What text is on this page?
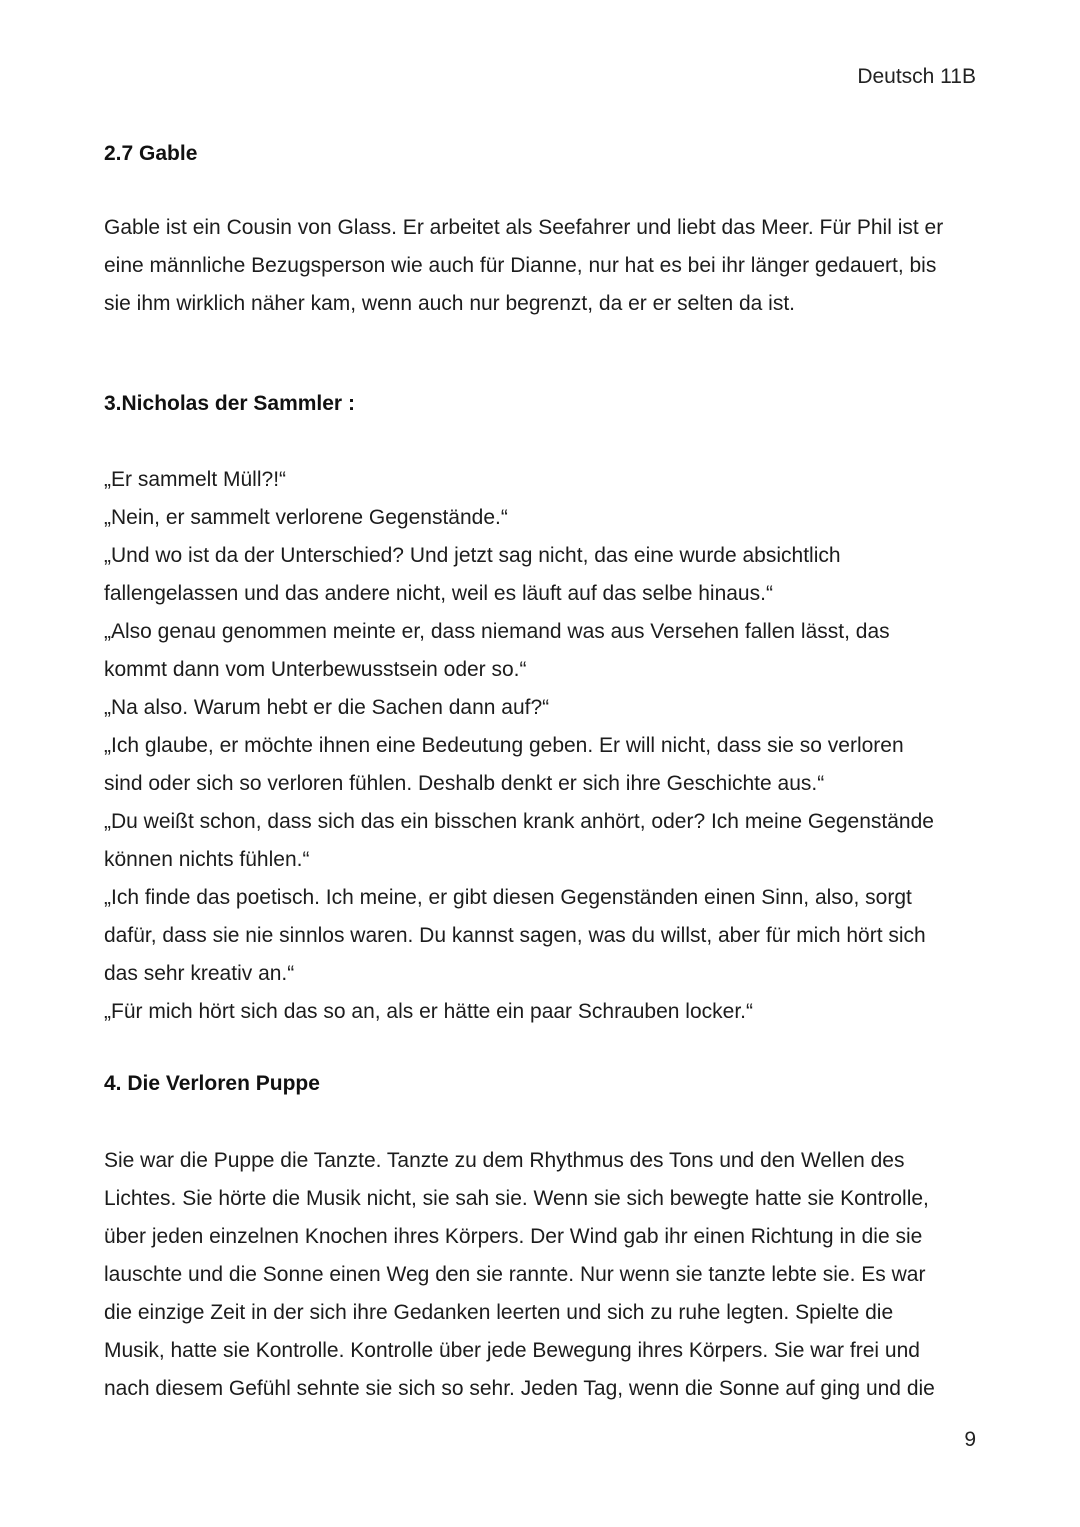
Deutsch 11B
2.7 Gable
Gable ist ein Cousin von Glass. Er arbeitet als Seefahrer und liebt das Meer. Für Phil ist er
eine männliche Bezugsperson wie auch für Dianne, nur hat es bei ihr länger gedauert, bis
sie ihm wirklich näher kam, wenn auch nur begrenzt, da er er selten da ist.
3.Nicholas der Sammler :
„Er sammelt Müll?!“
„Nein, er sammelt verlorene Gegenstände.“
„Und wo ist da der Unterschied? Und jetzt sag nicht, das eine wurde absichtlich
fallengelassen und das andere nicht, weil es läuft auf das selbe hinaus.“
„Also genau genommen meinte er, dass niemand was aus Versehen fallen lässt, das
kommt dann vom Unterbewusstsein oder so.“
„Na also. Warum hebt er die Sachen dann auf?“
„Ich glaube, er möchte ihnen eine Bedeutung geben. Er will nicht, dass sie so verloren
sind oder sich so verloren fühlen. Deshalb denkt er sich ihre Geschichte aus.“
„Du weißt schon, dass sich das ein bisschen krank anhört, oder? Ich meine Gegenstände
können nichts fühlen.“
„Ich finde das poetisch. Ich meine, er gibt diesen Gegenständen einen Sinn, also, sorgt
dafür, dass sie nie sinnlos waren. Du kannst sagen, was du willst, aber für mich hört sich
das sehr kreativ an.“
„Für mich hört sich das so an, als er hätte ein paar Schrauben locker.“
4. Die Verloren Puppe
Sie war die Puppe die Tanzte. Tanzte zu dem Rhythmus des Tons und den Wellen des
Lichtes. Sie hörte die Musik nicht, sie sah sie. Wenn sie sich bewegte hatte sie Kontrolle,
über jeden einzelnen Knochen ihres Körpers. Der Wind gab ihr einen Richtung in die sie
lauschte und die Sonne einen Weg den sie rannte. Nur wenn sie tanzte lebte sie. Es war
die einzige Zeit in der sich ihre Gedanken leerten und sich zu ruhe legten. Spielte die
Musik, hatte sie Kontrolle. Kontrolle über jede Bewegung ihres Körpers. Sie war frei und
nach diesem Gefühl sehnte sie sich so sehr. Jeden Tag, wenn die Sonne auf ging und die
9
